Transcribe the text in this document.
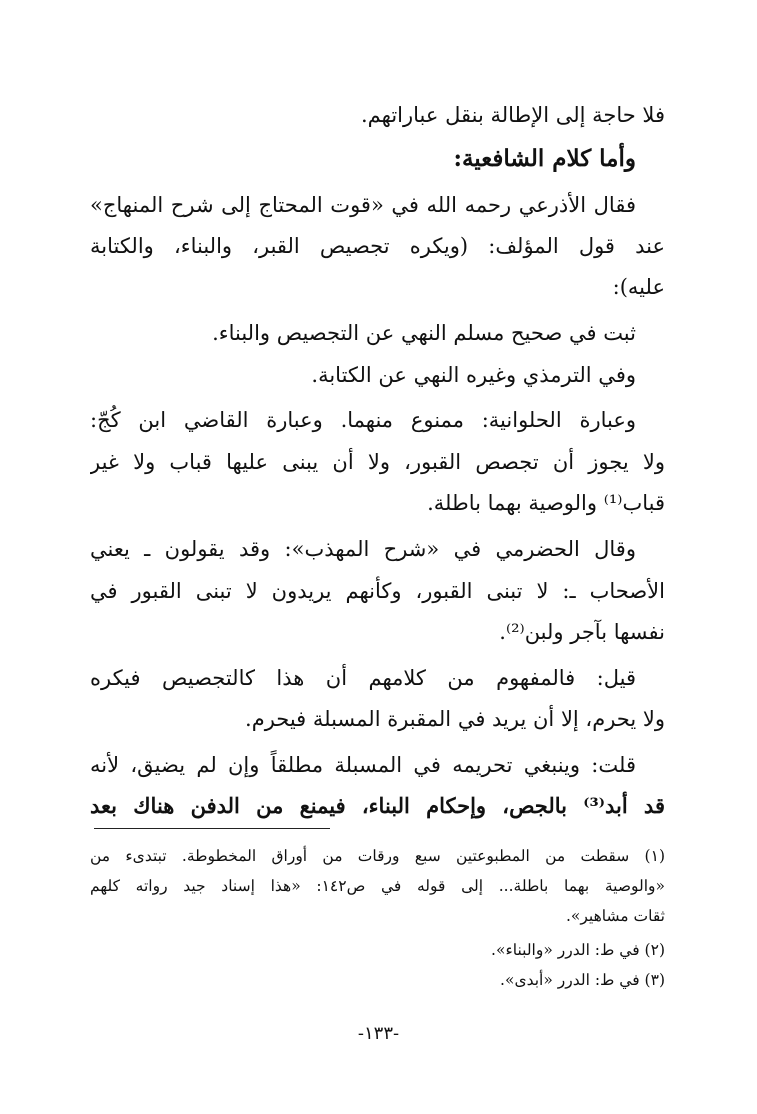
فلا حاجة إلى الإطالة بنقل عباراتهم.
وأما كلام الشافعية:
فقال الأذرعي رحمه الله في «قوت المحتاج إلى شرح المنهاج»
عند قول المؤلف: (ويكره تجصيص القبر، والبناء، والكتابة
عليه):
ثبت في صحيح مسلم النهي عن التجصيص والبناء.
وفي الترمذي وغيره النهي عن الكتابة.
وعبارة الحلوانية: ممنوع منهما. وعبارة القاضي ابن كُجّ:
ولا يجوز أن تجصص القبور، ولا أن يبنى عليها قباب ولا غير
قباب⁽¹⁾ والوصية بهما باطلة.
وقال الحضرمي في «شرح المهذب»: وقد يقولون ـ يعني
الأصحاب ـ: لا تبنى القبور، وكأنهم يريدون لا تبنى القبور في
نفسها بآجر ولبن⁽²⁾.
قيل: فالمفهوم من كلامهم أن هذا كالتجصيص فيكره
ولا يحرم، إلا أن يريد في المقبرة المسبلة فيحرم.
قلت: وينبغي تحريمه في المسبلة مطلقاً وإن لم يضيق، لأنه
قد أبد⁽³⁾ بالجص، وإحكام البناء، فيمنع من الدفن هناك بعد
(١) سقطت من المطبوعتين سبع ورقات من أوراق المخطوطة. تبتدىء من
«والوصية بهما باطلة... إلى قوله في ص١٤٢: «هذا إسناد جيد رواته كلهم
ثقات مشاهير».
(٢) في ط: الدرر «والبناء».
(٣) في ط: الدرر «أبدى».
-١٣٣-
